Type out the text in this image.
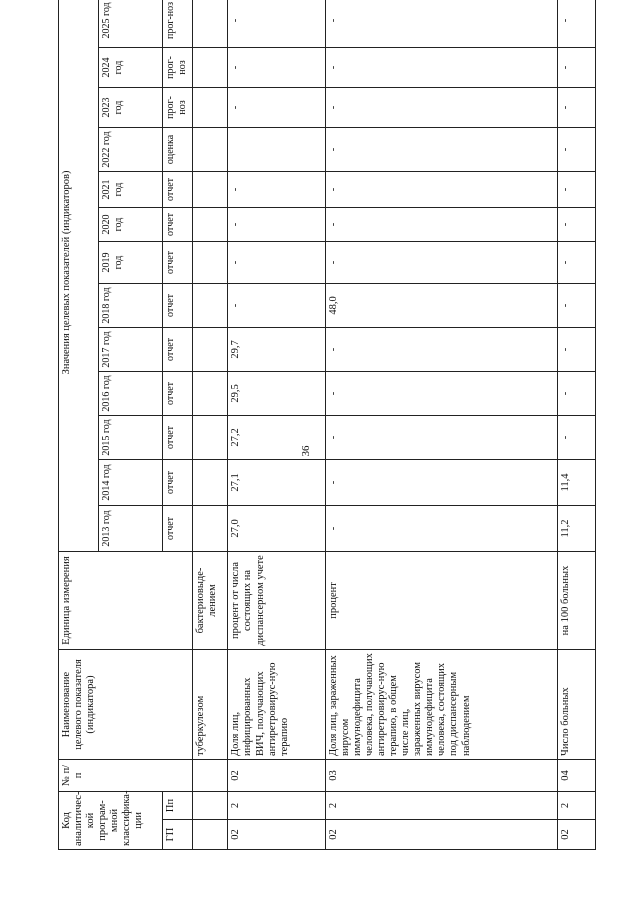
36
Код аналитичес-кой програм-мной классифика-ции		№ п/п	Наименование целевого показателя (индикатора)	Единица измерения	Значения целевых показателей (индикаторов)												
					2013 год	2014 год	2015 год	2016 год	2017 год	2018 год	2019 год	2020 год	2021 год	2022 год	2023 год	2024 год	2025 год
ГП	Пп				отчет	отчет	отчет	отчет	отчет	отчет	отчет	отчет	отчет	оценка	прог-ноз	прог-ноз	прог-ноз
			туберкулезом	бактериовыде-лением													
02	2	02	Доля лиц, инфицированных ВИЧ, получающих антиретровирус-ную терапию	процент от числа состоящих на диспансерном учете	27,0	27,1	27,2	29,5	29,7	-	-	-	-		-	-	-
02	2	03	Доля лиц, зараженных вирусом иммунодефицита человека, получающих антиретровирус-ную терапию, в общем числе лиц, зараженных вирусом иммунодефицита человека, состоящих под диспансерным наблюдением	процент	-	-	-	-	-	48,0	-	-	-	-	-	-	-
02	2	04	Число больных	на 100 больных	11,2	11,4	-	-	-	-	-	-	-	-	-	-	-
